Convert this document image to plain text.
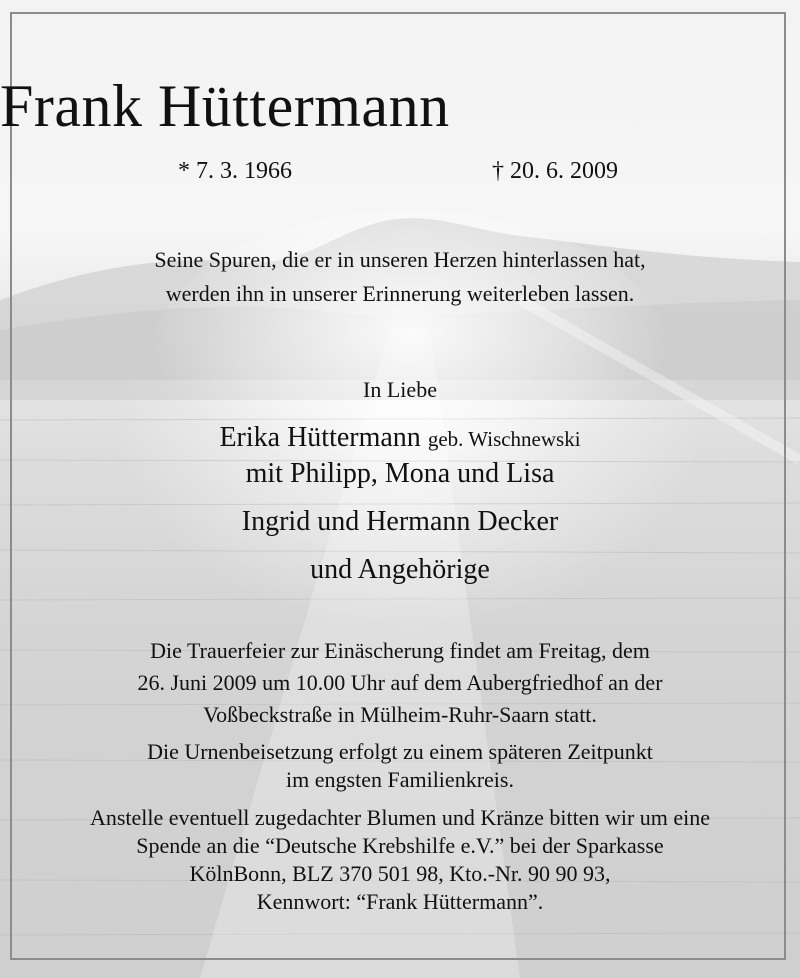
Frank Hüttermann
* 7. 3. 1966	† 20. 6. 2009
Seine Spuren, die er in unseren Herzen hinterlassen hat,
werden ihn in unserer Erinnerung weiterleben lassen.
In Liebe
Erika Hüttermann geb. Wischnewski
mit Philipp, Mona und Lisa
Ingrid und Hermann Decker
und Angehörige
Die Trauerfeier zur Einäscherung findet am Freitag, dem
26. Juni 2009 um 10.00 Uhr auf dem Aubergfriedhof an der
Voßbeckstraße in Mülheim-Ruhr-Saarn statt.
Die Urnenbeisetzung erfolgt zu einem späteren Zeitpunkt
im engsten Familienkreis.
Anstelle eventuell zugedachter Blumen und Kränze bitten wir um eine
Spende an die “Deutsche Krebshilfe e.V.” bei der Sparkasse
KölnBonn, BLZ 370 501 98, Kto.-Nr. 90 90 93,
Kennwort: “Frank Hüttermann”.
